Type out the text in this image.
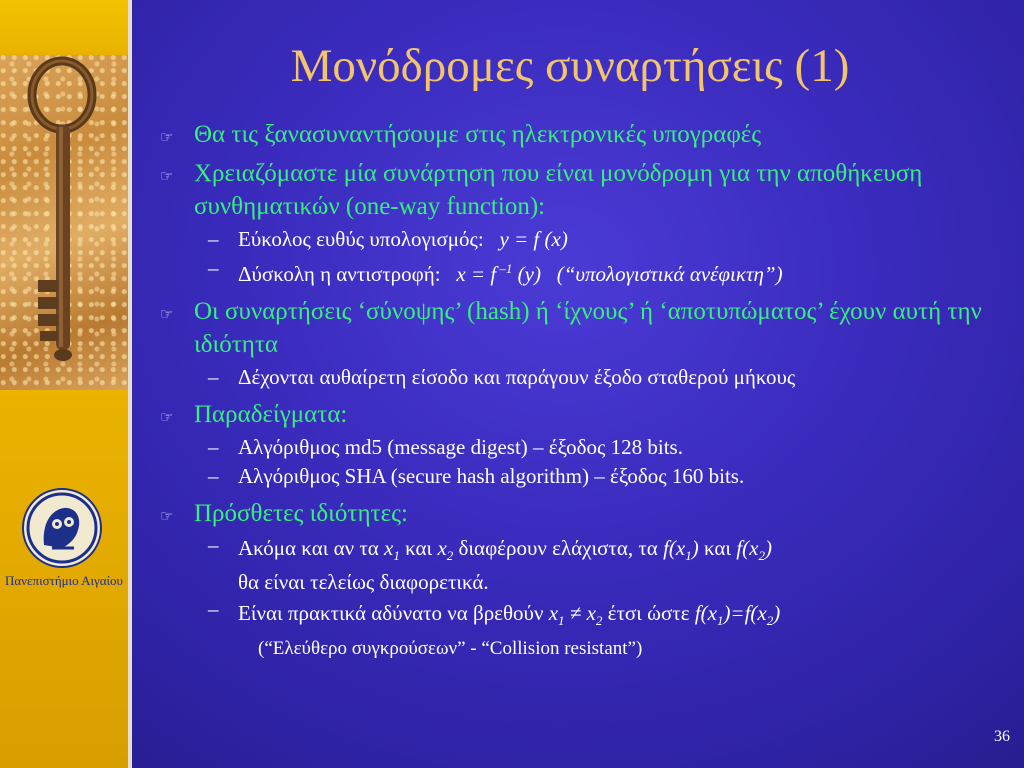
Πανεπιστήμιο Αιγαίου
Μονόδρομες συναρτήσεις (1)
☞ Θα τις ξανασυναντήσουμε στις ηλεκτρονικές υπογραφές
☞ Χρειαζόμαστε μία συνάρτηση που είναι μονόδρομη για την αποθήκευση συνθηματικών (one-way function):
– Εύκολος ευθύς υπολογισμός: y = f (x)
– Δύσκολη η αντιστροφή: x = f $^{-1}$ (y) (“υπολογιστικά ανέφικτη”)
☞ Οι συναρτήσεις ‘σύνοψης’ (hash) ή ‘ίχνους’ ή ‘αποτυπώματος’ έχουν αυτή την ιδιότητα
– Δέχονται αυθαίρετη είσοδο και παράγουν έξοδο σταθερού μήκους
☞ Παραδείγματα:
– Αλγόριθμος md5 (message digest) – έξοδος 128 bits.
– Αλγόριθμος SHA (secure hash algorithm) – έξοδος 160 bits.
☞ Πρόσθετες ιδιότητες:
– Ακόμα και αν τα $x_1$ και $x_2$ διαφέρουν ελάχιστα, τα $f(x_1)$ και $f(x_2)$
θα είναι τελείως διαφορετικά.
– Είναι πρακτικά αδύνατο να βρεθούν $x_1 \ne x_2$ έτσι ώστε $f(x_1)=f(x_2)$
(“Ελεύθερο συγκρούσεων” - “Collision resistant”)
36
